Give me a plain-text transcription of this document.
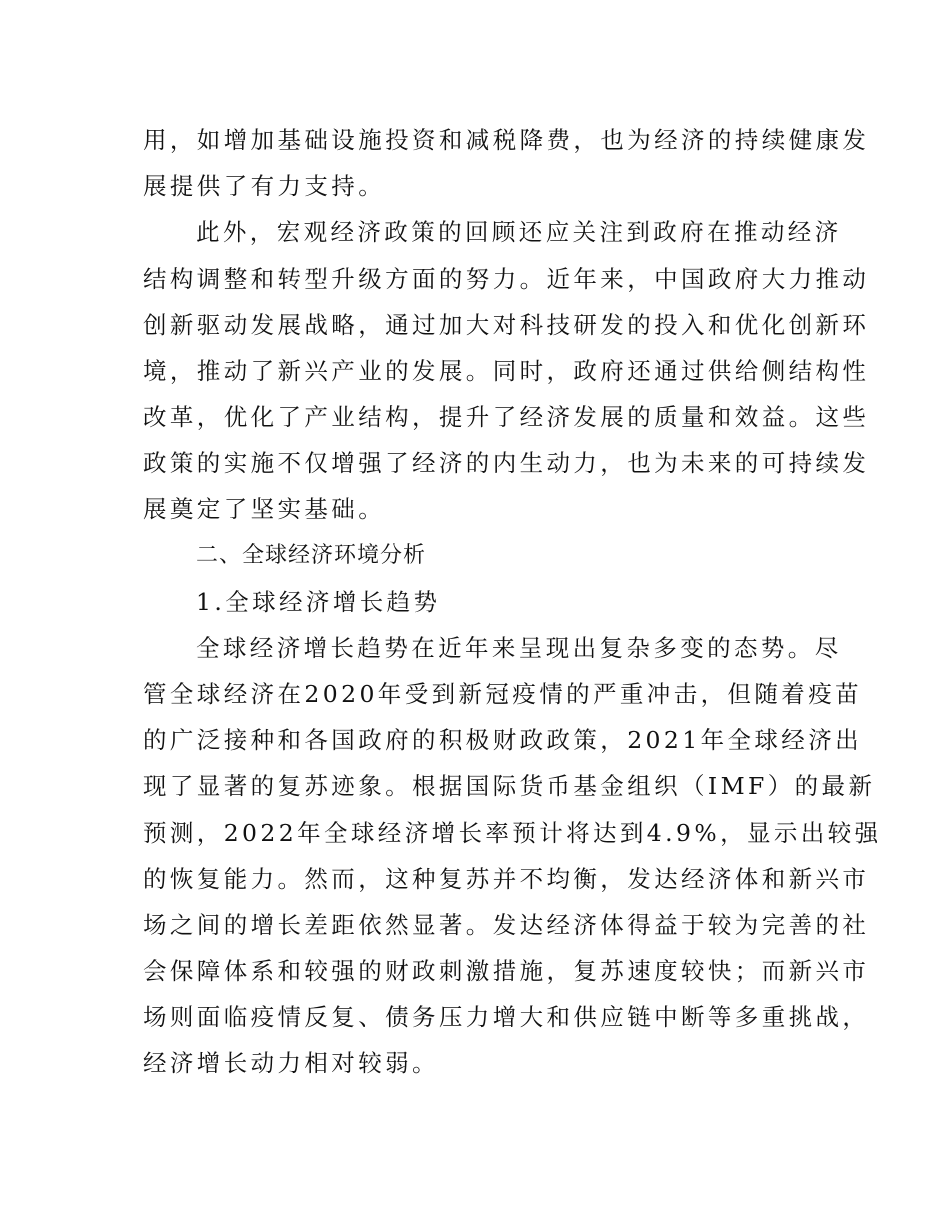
用，如增加基础设施投资和减税降费，也为经济的持续健康发
展提供了有力支持。
此外，宏观经济政策的回顾还应关注到政府在推动经济
结构调整和转型升级方面的努力。近年来，中国政府大力推动
创新驱动发展战略，通过加大对科技研发的投入和优化创新环
境，推动了新兴产业的发展。同时，政府还通过供给侧结构性
改革，优化了产业结构，提升了经济发展的质量和效益。这些
政策的实施不仅增强了经济的内生动力，也为未来的可持续发
展奠定了坚实基础。
二、全球经济环境分析
1.全球经济增长趋势
全球经济增长趋势在近年来呈现出复杂多变的态势。尽
管全球经济在2020年受到新冠疫情的严重冲击，但随着疫苗
的广泛接种和各国政府的积极财政政策，2021年全球经济出
现了显著的复苏迹象。根据国际货币基金组织（IMF）的最新
预测，2022年全球经济增长率预计将达到4.9%，显示出较强
的恢复能力。然而，这种复苏并不均衡，发达经济体和新兴市
场之间的增长差距依然显著。发达经济体得益于较为完善的社
会保障体系和较强的财政刺激措施，复苏速度较快；而新兴市
场则面临疫情反复、债务压力增大和供应链中断等多重挑战，
经济增长动力相对较弱。
